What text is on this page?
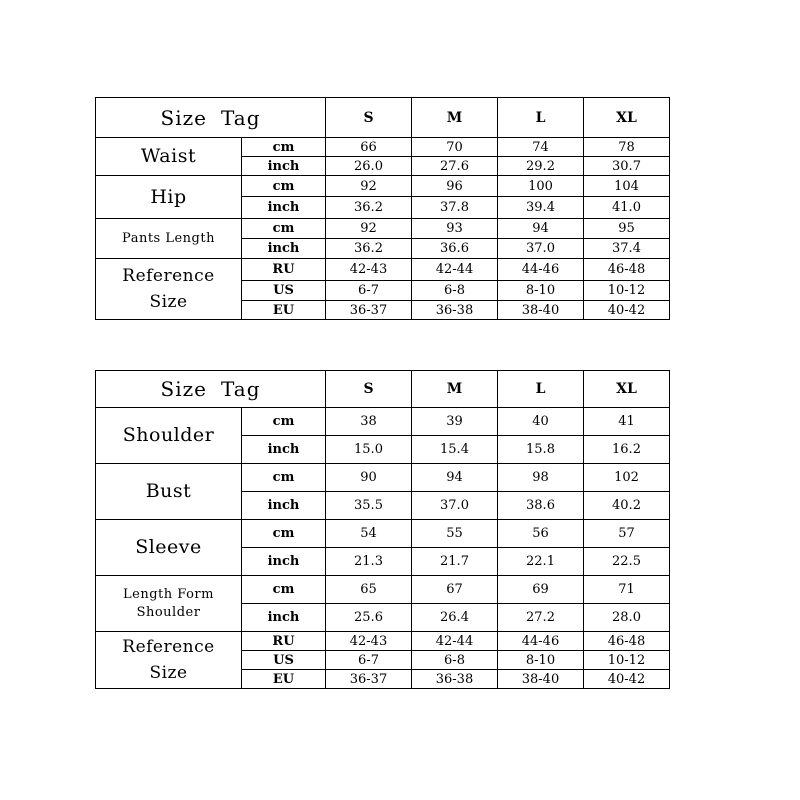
Size Tag		S	M	L	XL
Waist	cm	66	70	74	78
	inch	26.0	27.6	29.2	30.7
Hip	cm	92	96	100	104
	inch	36.2	37.8	39.4	41.0
Pants Length	cm	92	93	94	95
	inch	36.2	36.6	37.0	37.4
Reference
Size	RU	42-43	42-44	44-46	46-48
	US	6-7	6-8	8-10	10-12
	EU	36-37	36-38	38-40	40-42
Size Tag		S	M	L	XL
Shoulder	cm	38	39	40	41
	inch	15.0	15.4	15.8	16.2
Bust	cm	90	94	98	102
	inch	35.5	37.0	38.6	40.2
Sleeve	cm	54	55	56	57
	inch	21.3	21.7	22.1	22.5
Length Form
Shoulder	cm	65	67	69	71
	inch	25.6	26.4	27.2	28.0
Reference
Size	RU	42-43	42-44	44-46	46-48
	US	6-7	6-8	8-10	10-12
	EU	36-37	36-38	38-40	40-42
